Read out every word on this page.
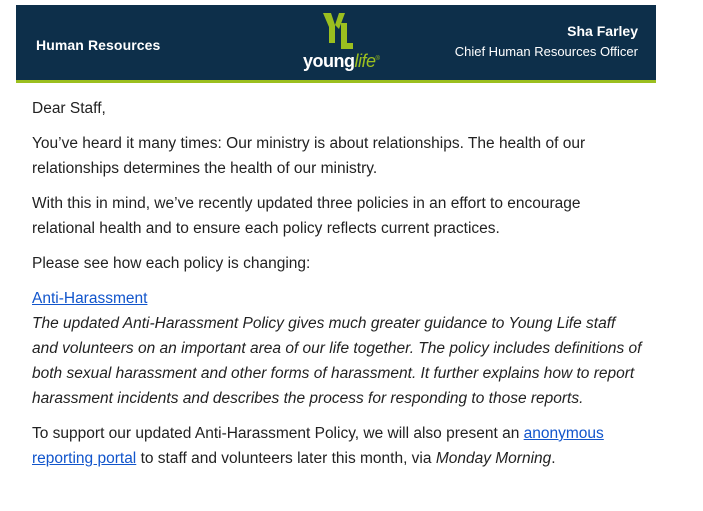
Human Resources
younglife®
Sha Farley
Chief Human Resources Officer

Dear Staff,

You’ve heard it many times: Our ministry is about relationships. The health of our relationships determines the health of our ministry.

With this in mind, we’ve recently updated three policies in an effort to encourage relational health and to ensure each policy reflects current practices.

Please see how each policy is changing:

Anti-Harassment
The updated Anti-Harassment Policy gives much greater guidance to Young Life staff and volunteers on an important area of our life together. The policy includes definitions of both sexual harassment and other forms of harassment. It further explains how to report harassment incidents and describes the process for responding to those reports.

To support our updated Anti-Harassment Policy, we will also present an anonymous reporting portal to staff and volunteers later this month, via Monday Morning.
